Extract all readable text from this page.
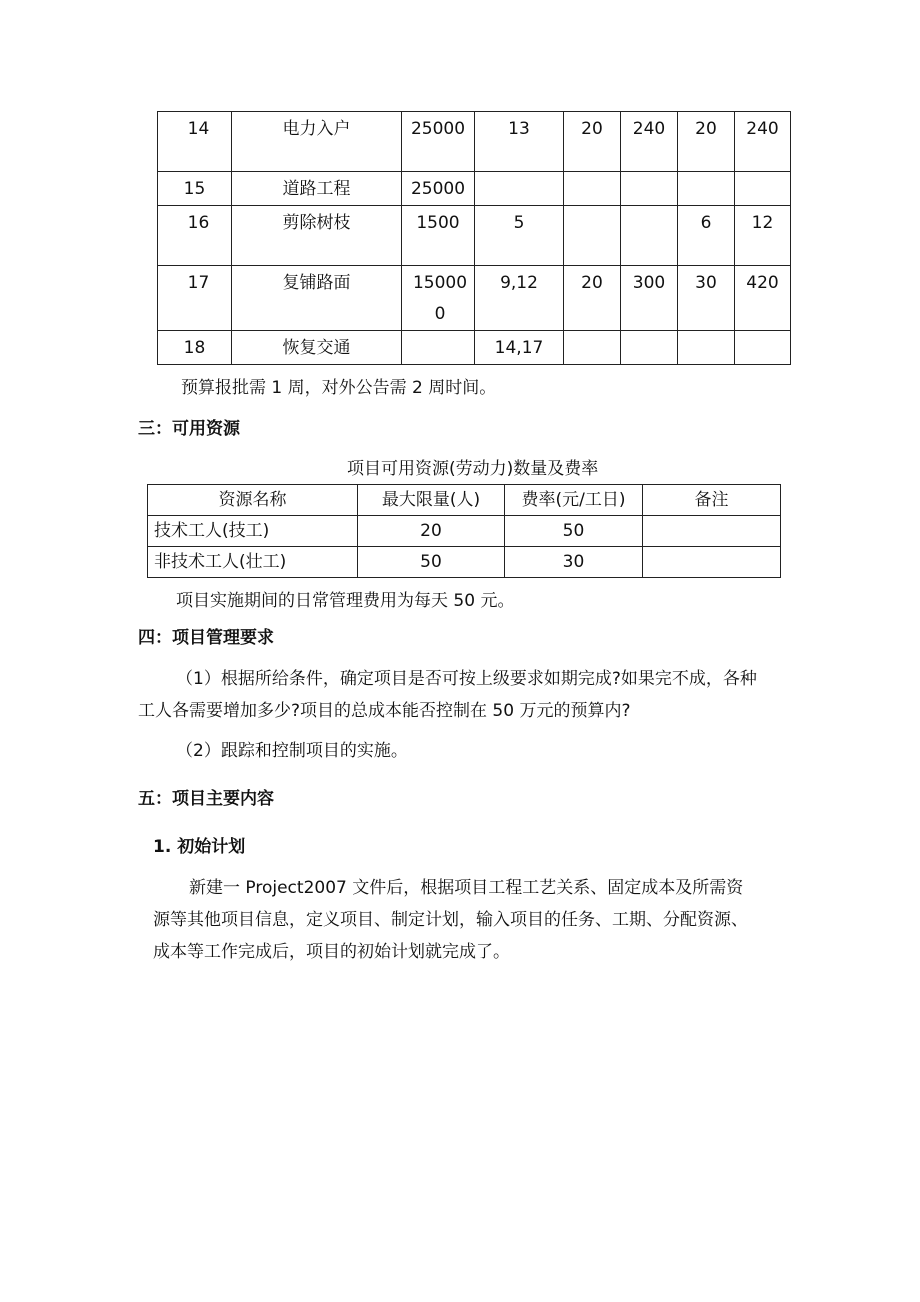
14	电力入户	25000	13	20	240	20	240
15	道路工程	25000					
16	剪除树枝	1500	5			6	12
17	复铺路面	150000	9,12	20	300	30	420
18	恢复交通		14,17				
预算报批需 1 周，对外公告需 2 周时间。
三：可用资源
项目可用资源(劳动力)数量及费率
资源名称	最大限量(人)	费率(元/工日)	备注
技术工人(技工)	20	50	
非技术工人(壮工)	50	30	
项目实施期间的日常管理费用为每天 50 元。
四：项目管理要求
（1）根据所给条件，确定项目是否可按上级要求如期完成?如果完不成，各种
工人各需要增加多少?项目的总成本能否控制在 50 万元的预算内?
（2）跟踪和控制项目的实施。
五：项目主要内容
1. 初始计划
新建一 Project2007 文件后，根据项目工程工艺关系、固定成本及所需资
源等其他项目信息，定义项目、制定计划，输入项目的任务、工期、分配资源、
成本等工作完成后，项目的初始计划就完成了。
